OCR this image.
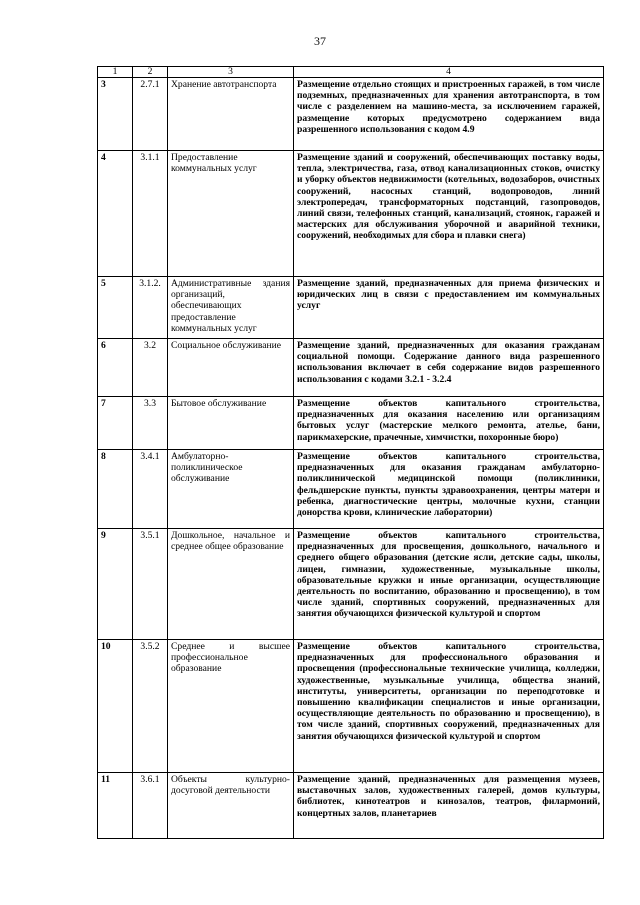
37
1	2	3	4
3	2.7.1	Хранение автотранспорта	Размещение отдельно стоящих и пристроенных гаражей, в том числе подземных, предназначенных для хранения автотранспорта, в том числе с разделением на машино-места, за исключением гаражей, размещение которых предусмотрено содержанием вида разрешенного использования с кодом 4.9
4	3.1.1	Предоставление коммунальных услуг	Размещение зданий и сооружений, обеспечивающих поставку воды, тепла, электричества, газа, отвод канализационных стоков, очистку и уборку объектов недвижимости (котельных, водозаборов, очистных сооружений, насосных станций, водопроводов, линий электропередач, трансформаторных подстанций, газопроводов, линий связи, телефонных станций, канализаций, стоянок, гаражей и мастерских для обслуживания уборочной и аварийной техники, сооружений, необходимых для сбора и плавки снега)
5	3.1.2.	Административные здания организаций, обеспечивающих предоставление коммунальных услуг	Размещение зданий, предназначенных для приема физических и юридических лиц в связи с предоставлением им коммунальных услуг
6	3.2	Социальное обслуживание	Размещение зданий, предназначенных для оказания гражданам социальной помощи. Содержание данного вида разрешенного использования включает в себя содержание видов разрешенного использования с кодами 3.2.1 - 3.2.4
7	3.3	Бытовое обслуживание	Размещение объектов капитального строительства, предназначенных для оказания населению или организациям бытовых услуг (мастерские мелкого ремонта, ателье, бани, парикмахерские, прачечные, химчистки, похоронные бюро)
8	3.4.1	Амбулаторно-поликлиническое обслуживание	Размещение объектов капитального строительства, предназначенных для оказания гражданам амбулаторно-поликлинической медицинской помощи (поликлиники, фельдшерские пункты, пункты здравоохранения, центры матери и ребенка, диагностические центры, молочные кухни, станции донорства крови, клинические лаборатории)
9	3.5.1	Дошкольное, начальное и среднее общее образование	Размещение объектов капитального строительства, предназначенных для просвещения, дошкольного, начального и среднего общего образования (детские ясли, детские сады, школы, лицеи, гимназии, художественные, музыкальные школы, образовательные кружки и иные организации, осуществляющие деятельность по воспитанию, образованию и просвещению), в том числе зданий, спортивных сооружений, предназначенных для занятия обучающихся физической культурой и спортом
10	3.5.2	Среднее и высшее профессиональное образование	Размещение объектов капитального строительства, предназначенных для профессионального образования и просвещения (профессиональные технические училища, колледжи, художественные, музыкальные училища, общества знаний, институты, университеты, организации по переподготовке и повышению квалификации специалистов и иные организации, осуществляющие деятельность по образованию и просвещению), в том числе зданий, спортивных сооружений, предназначенных для занятия обучающихся физической культурой и спортом
11	3.6.1	Объекты культурно-досуговой деятельности	Размещение зданий, предназначенных для размещения музеев, выставочных залов, художественных галерей, домов культуры, библиотек, кинотеатров и кинозалов, театров, филармоний, концертных залов, планетариев
